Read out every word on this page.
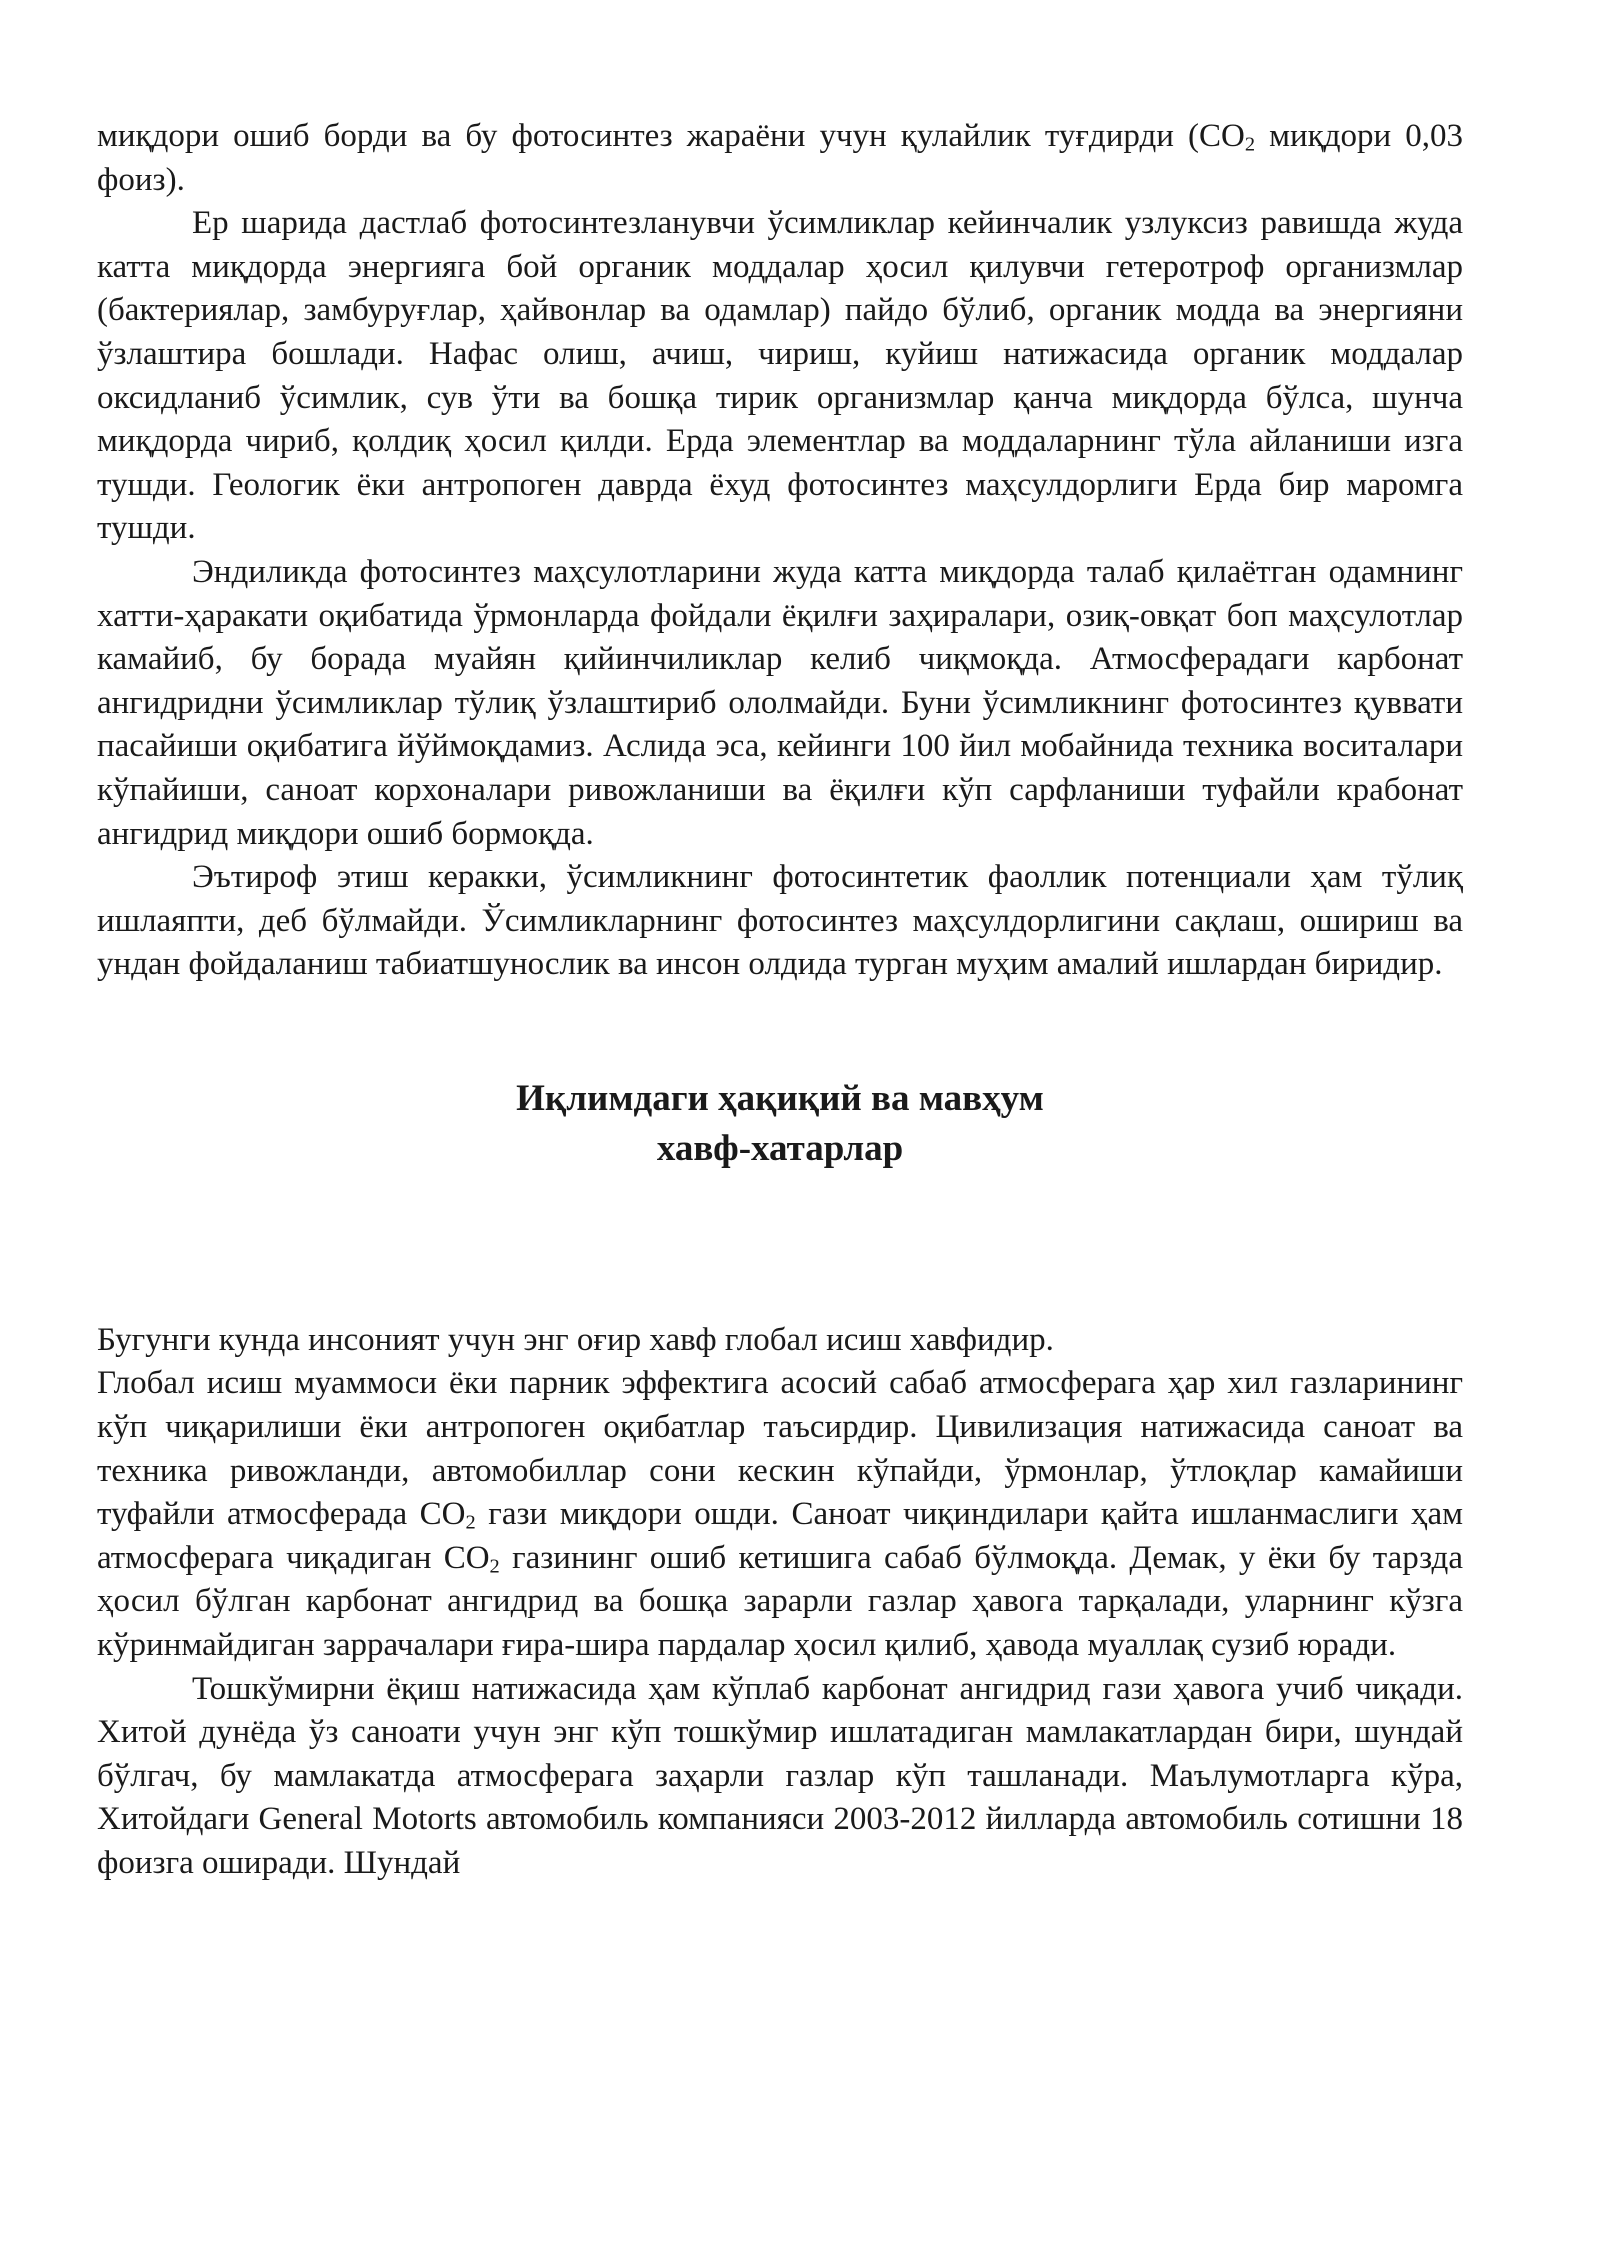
миқдори ошиб борди ва бу фотосинтез жараёни учун қулайлик туғдирди ($CO_2$ миқдори 0,03 фоиз).

Ер шарида дастлаб фотосинтезланувчи ўсимликлар кейинчалик узлуксиз равишда жуда катта миқдорда энергияга бой органик моддалар ҳосил қилувчи гетеротроф организмлар (бактериялар, замбуруғлар, ҳайвонлар ва одамлар) пайдо бўлиб, органик модда ва энергияни ўзлаштира бошлади. Нафас олиш, ачиш, чириш, куйиш натижасида органик моддалар оксидланиб ўсимлик, сув ўти ва бошқа тирик организмлар қанча миқдорда бўлса, шунча миқдорда чириб, қолдиқ ҳосил қилди. Ерда элементлар ва моддаларнинг тўла айланиши изга тушди. Геологик ёки антропоген даврда ёхуд фотосинтез маҳсулдорлиги Ерда бир маромга тушди.

Эндиликда фотосинтез маҳсулотларини жуда катта миқдорда талаб қилаётган одамнинг хатти-ҳаракати оқибатида ўрмонларда фойдали ёқилғи заҳиралари, озиқ-овқат боп маҳсулотлар камайиб, бу борада муайян қийинчиликлар келиб чиқмоқда. Атмосферадаги карбонат ангидридни ўсимликлар тўлиқ ўзлаштириб ололмайди. Буни ўсимликнинг фотосинтез қуввати пасайиши оқибатига йўймоқдамиз. Аслида эса, кейинги 100 йил мобайнида техника воситалари кўпайиши, саноат корхоналари ривожланиши ва ёқилғи кўп сарфланиши туфайли крабонат ангидрид миқдори ошиб бормоқда.

Эътироф этиш керакки, ўсимликнинг фотосинтетик фаоллик потенциали ҳам тўлиқ ишлаяпти, деб бўлмайди. Ўсимликларнинг фотосинтез маҳсулдорлигини сақлаш, ошириш ва ундан фойдаланиш табиатшунослик ва инсон олдида турган муҳим амалий ишлардан биридир.

Иқлимдаги ҳақиқий ва мавҳум
хавф-хатарлар

Бугунги кунда инсоният учун энг оғир хавф глобал исиш хавфидир.

Глобал исиш муаммоси ёки парник эффектига асосий сабаб атмосферага ҳар хил газларининг кўп чиқарилиши ёки антропоген оқибатлар таъсирдир. Цивилизация натижасида саноат ва техника ривожланди, автомобиллар сони кескин кўпайди, ўрмонлар, ўтлоқлар камайиши туфайли атмосферада $CO_2$ гази миқдори ошди. Саноат чиқиндилари қайта ишланмаслиги ҳам атмосферага чиқадиган $CO_2$ газининг ошиб кетишига сабаб бўлмоқда. Демак, у ёки бу тарзда ҳосил бўлган карбонат ангидрид ва бошқа зарарли газлар ҳавога тарқалади, уларнинг кўзга кўринмайдиган заррачалари ғира-шира пардалар ҳосил қилиб, ҳавода муаллақ сузиб юради.

Тошкўмирни ёқиш натижасида ҳам кўплаб карбонат ангидрид гази ҳавога учиб чиқади. Хитой дунёда ўз саноати учун энг кўп тошкўмир ишлатадиган мамлакатлардан бири, шундай бўлгач, бу мамлакатда атмосферага заҳарли газлар кўп ташланади. Маълумотларга кўра, Хитойдаги General Motorts автомобиль компанияси 2003-2012 йилларда автомобиль сотишни 18 фоизга оширади. Шундай
